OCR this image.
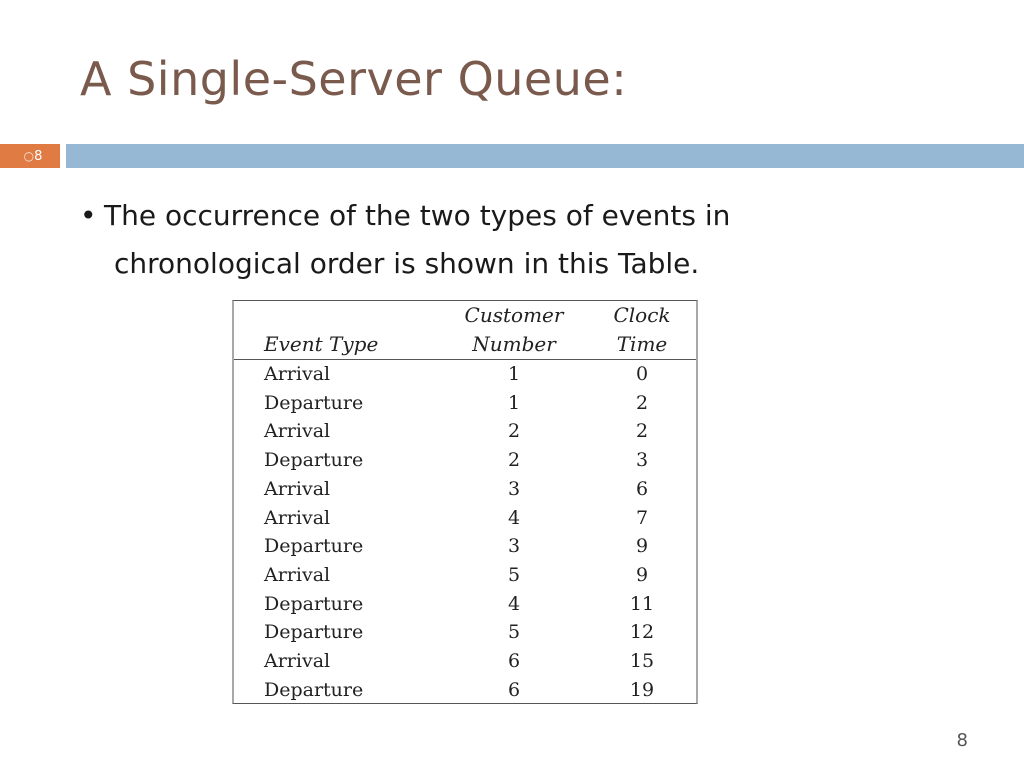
A Single-Server Queue:
○8
• The occurrence of the two types of events in
chronological order is shown in this Table.
	Customer	Clock
Event Type	Number	Time
Arrival	1	0
Departure	1	2
Arrival	2	2
Departure	2	3
Arrival	3	6
Arrival	4	7
Departure	3	9
Arrival	5	9
Departure	4	11
Departure	5	12
Arrival	6	15
Departure	6	19
8
